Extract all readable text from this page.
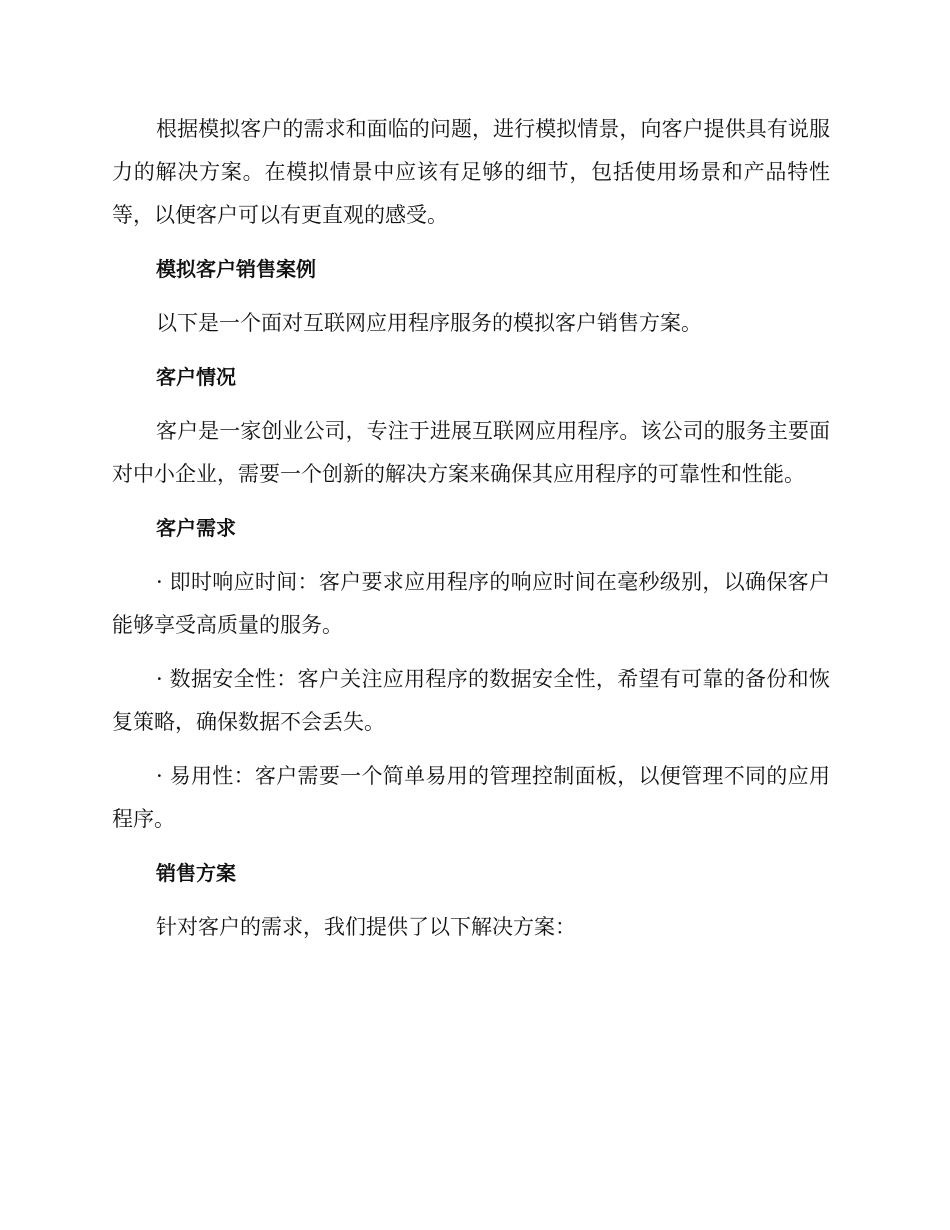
根据模拟客户的需求和面临的问题，进行模拟情景，向客户提供具有说服力的解决方案。在模拟情景中应该有足够的细节，包括使用场景和产品特性等，以便客户可以有更直观的感受。

模拟客户销售案例

以下是一个面对互联网应用程序服务的模拟客户销售方案。

客户情况

客户是一家创业公司，专注于进展互联网应用程序。该公司的服务主要面对中小企业，需要一个创新的解决方案来确保其应用程序的可靠性和性能。

客户需求

· 即时响应时间：客户要求应用程序的响应时间在毫秒级别，以确保客户能够享受高质量的服务。

· 数据安全性：客户关注应用程序的数据安全性，希望有可靠的备份和恢复策略，确保数据不会丢失。

· 易用性：客户需要一个简单易用的管理控制面板，以便管理不同的应用程序。

销售方案

针对客户的需求，我们提供了以下解决方案：
